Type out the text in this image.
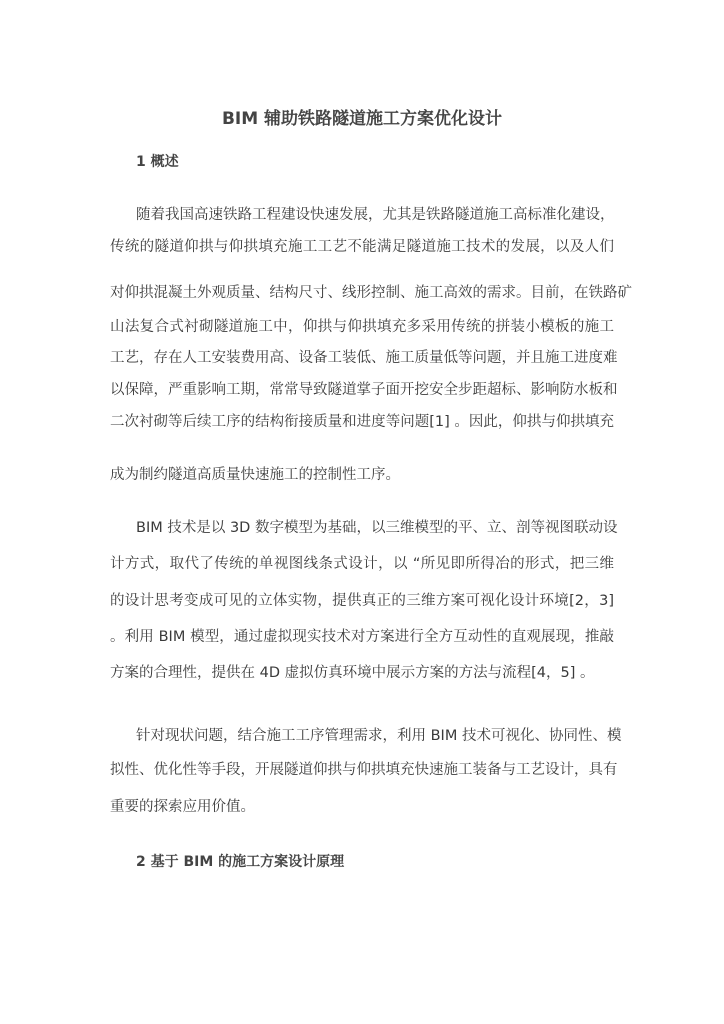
BIM 辅助铁路隧道施工方案优化设计
1 概述
随着我国高速铁路工程建设快速发展，尤其是铁路隧道施工高标准化建设，
传统的隧道仰拱与仰拱填充施工工艺不能满足隧道施工技术的发展，以及人们
对仰拱混凝土外观质量、结构尺寸、线形控制、施工高效的需求。目前，在铁路矿
山法复合式衬砌隧道施工中，仰拱与仰拱填充多采用传统的拼装小模板的施工
工艺，存在人工安装费用高、设备工装低、施工质量低等问题，并且施工进度难
以保障，严重影响工期，常常导致隧道掌子面开挖安全步距超标、影响防水板和
二次衬砌等后续工序的结构衔接质量和进度等问题[1] 。因此，仰拱与仰拱填充
成为制约隧道高质量快速施工的控制性工序。
BIM 技术是以 3D 数字模型为基础，以三维模型的平、立、剖等视图联动设
计方式，取代了传统的单视图线条式设计，以 “所见即所得冶的形式，把三维
的设计思考变成可见的立体实物，提供真正的三维方案可视化设计环境[2，3]
。利用 BIM 模型，通过虚拟现实技术对方案进行全方互动性的直观展现，推敲
方案的合理性，提供在 4D 虚拟仿真环境中展示方案的方法与流程[4，5] 。
针对现状问题，结合施工工序管理需求，利用 BIM 技术可视化、协同性、模
拟性、优化性等手段，开展隧道仰拱与仰拱填充快速施工装备与工艺设计，具有
重要的探索应用价值。
2 基于 BIM 的施工方案设计原理
